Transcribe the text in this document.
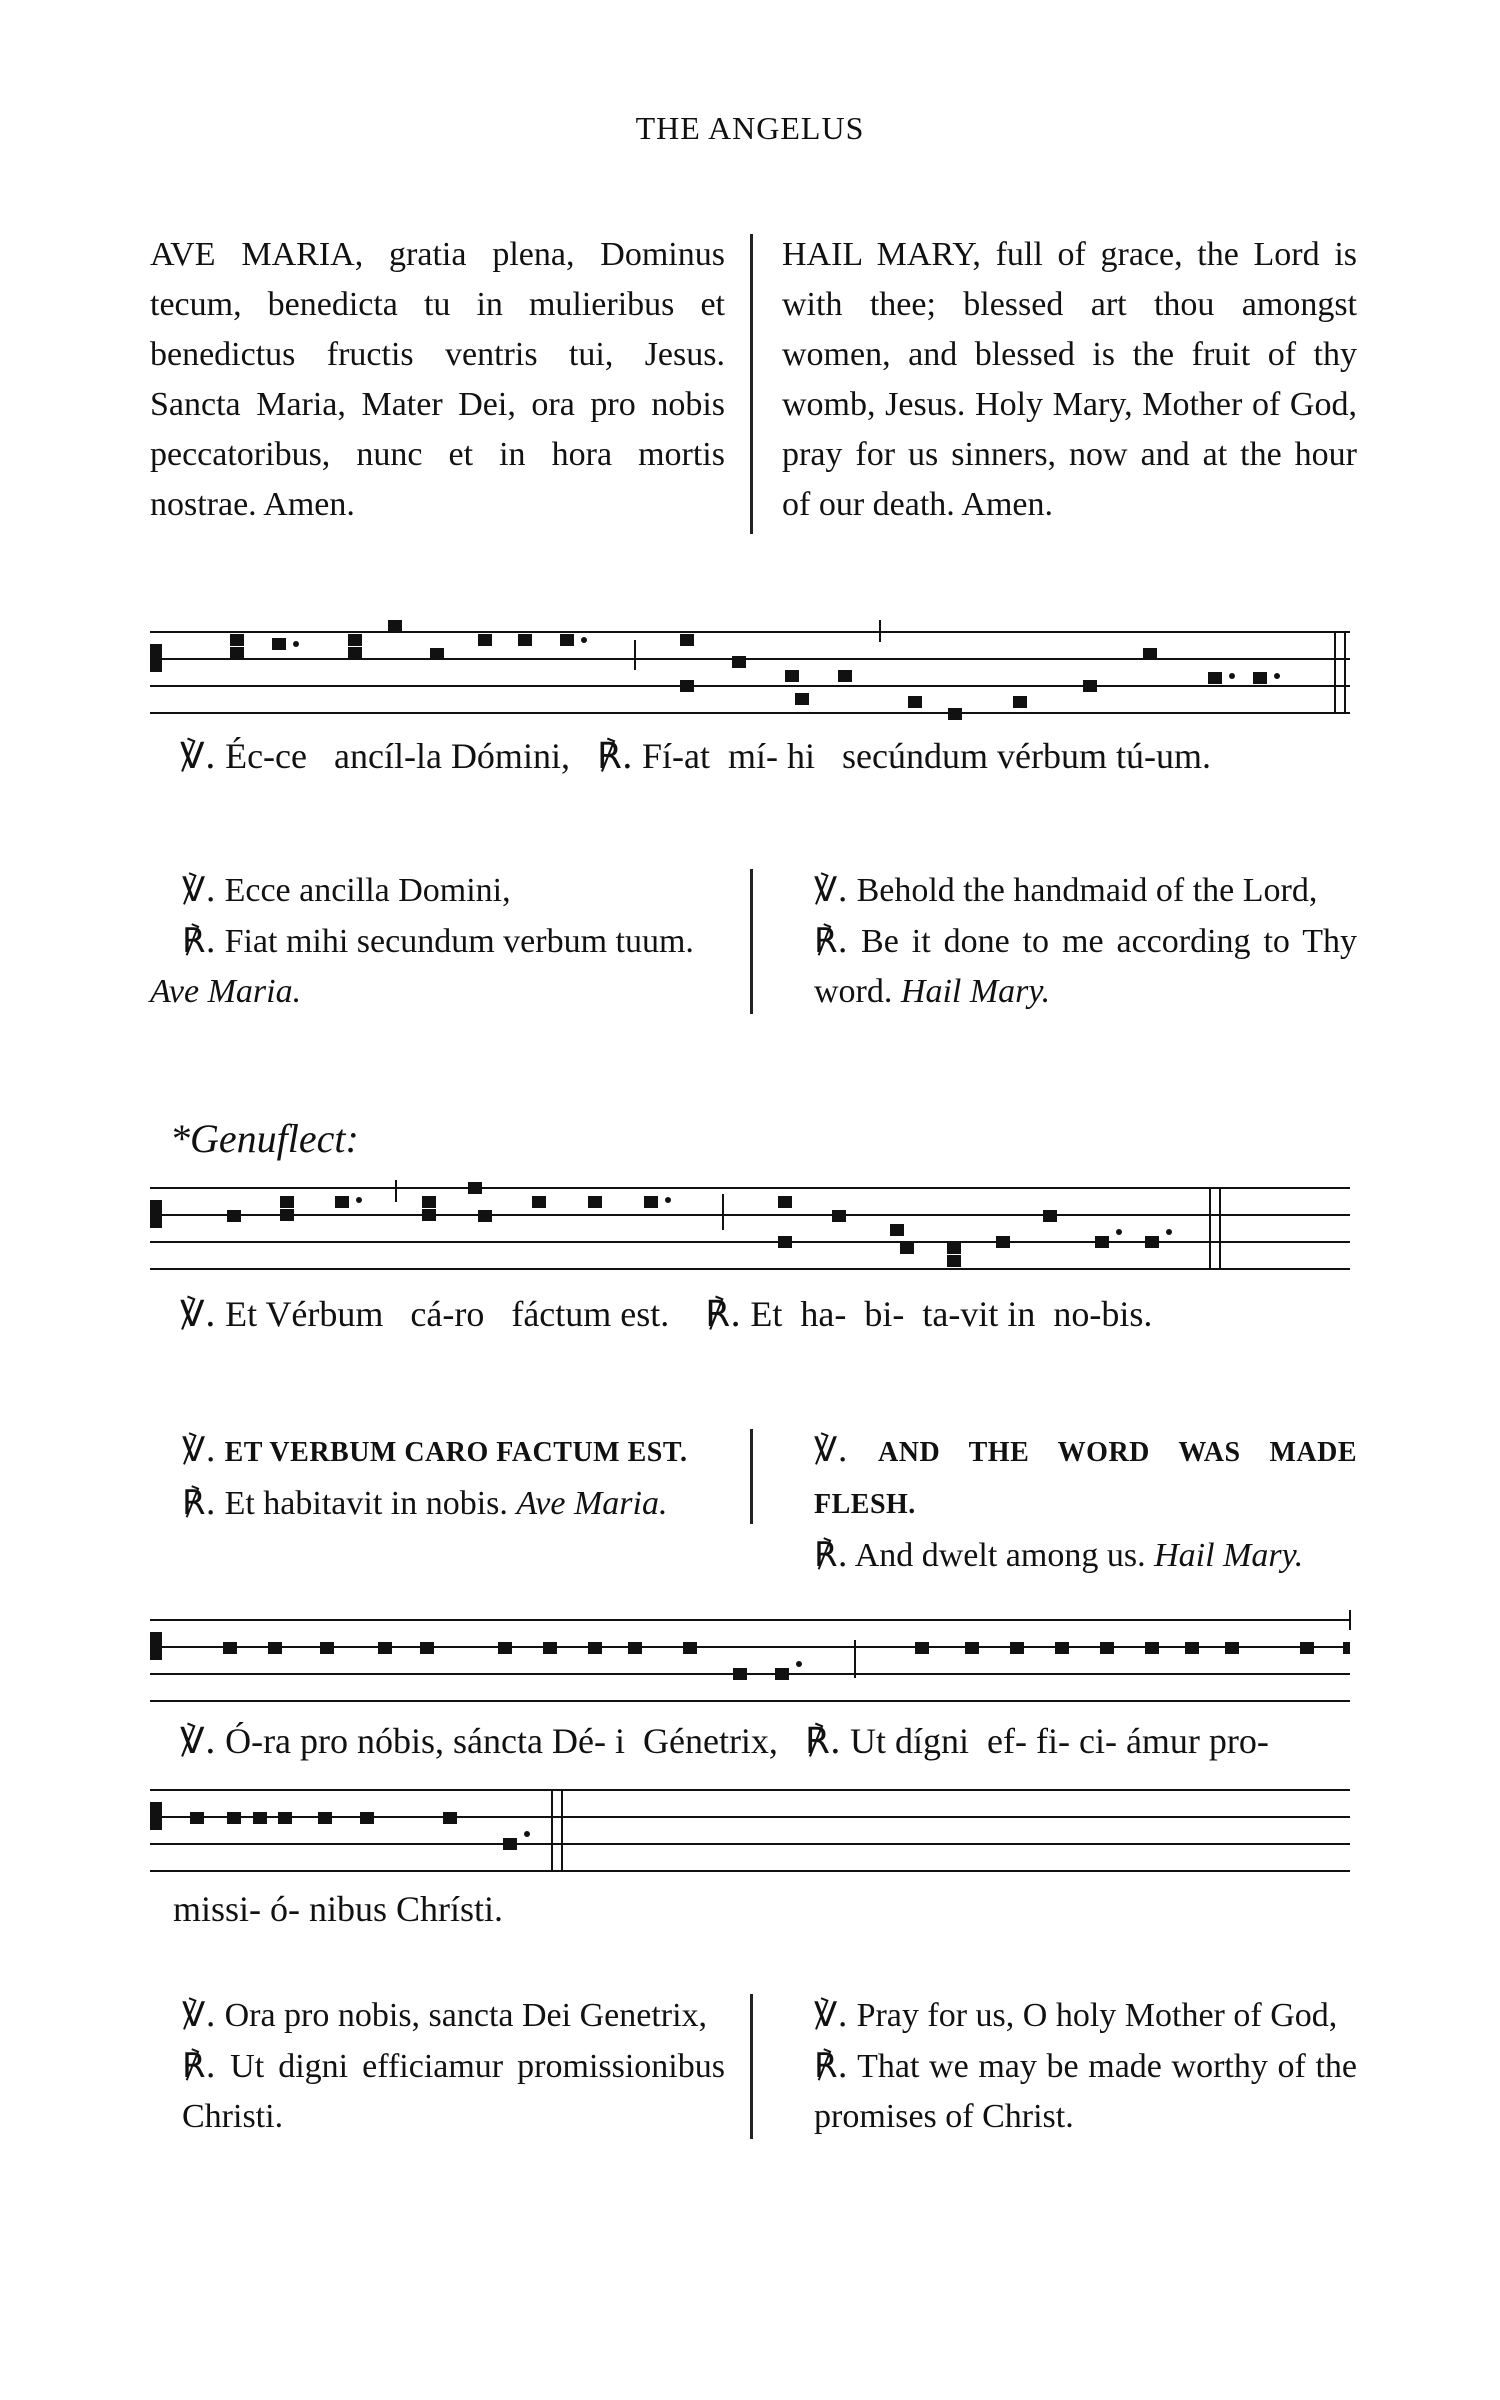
THE ANGELUS
AVE MARIA, gratia plena, Dominus tecum, benedicta tu in mulieribus et benedictus fructis ventris tui, Jesus. Sancta Maria, Mater Dei, ora pro nobis peccatoribus, nunc et in hora mortis nostrae. Amen.
HAIL MARY, full of grace, the Lord is with thee; blessed art thou amongst women, and blessed is the fruit of thy womb, Jesus. Holy Mary, Mother of God, pray for us sinners, now and at the hour of our death. Amen.
℣. Éc-ce ancíl-la Dómini, ℟. Fí-at mí- hi secúndum vérbum tú-um.
℣. Ecce ancilla Domini,
℟. Fiat mihi secundum verbum tuum.
Ave Maria.
℣. Behold the handmaid of the Lord,
℟. Be it done to me according to Thy word. Hail Mary.
*Genuflect:
℣. Et Vérbum cá-ro fáctum est. ℟. Et ha- bi- ta-vit in no-bis.
℣. ET VERBUM CARO FACTUM EST.
℟. Et habitavit in nobis. Ave Maria.
℣. AND THE WORD WAS MADE FLESH.
℟. And dwelt among us. Hail Mary.
℣. Ó-ra pro nóbis, sáncta Dé- i Génetrix, ℟. Ut dígni ef- fi- ci- ámur pro-
missi- ó- nibus Chrísti.
℣. Ora pro nobis, sancta Dei Genetrix,
℟. Ut digni efficiamur promissionibus Christi.
℣. Pray for us, O holy Mother of God,
℟. That we may be made worthy of the promises of Christ.
